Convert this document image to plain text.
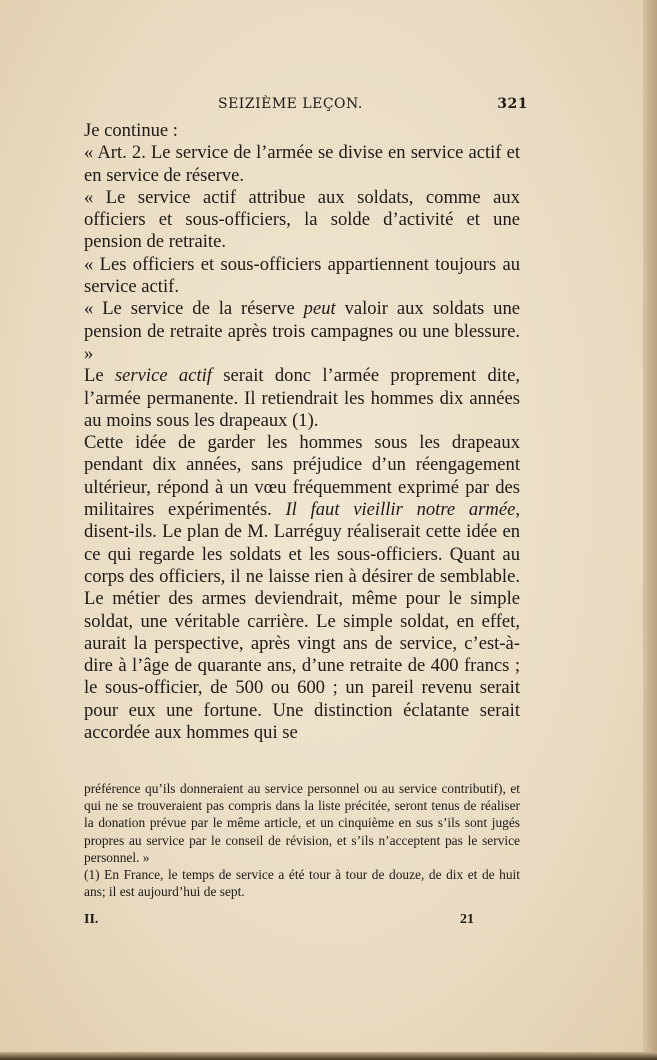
SEIZIÈME LEÇON.	321

Je continue :

« Art. 2. Le service de l’armée se divise en service actif et en service de réserve.

« Le service actif attribue aux soldats, comme aux officiers et sous-officiers, la solde d’activité et une pension de retraite.

« Les officiers et sous-officiers appartiennent toujours au service actif.

« Le service de la réserve peut valoir aux soldats une pension de retraite après trois campagnes ou une blessure. »

Le service actif serait donc l’armée proprement dite, l’armée permanente. Il retiendrait les hommes dix années au moins sous les drapeaux (1).

Cette idée de garder les hommes sous les drapeaux pendant dix années, sans préjudice d’un réengagement ultérieur, répond à un vœu fréquemment exprimé par des militaires expérimentés. Il faut vieillir notre armée, disent-ils. Le plan de M. Larréguy réaliserait cette idée en ce qui regarde les soldats et les sous-officiers. Quant au corps des officiers, il ne laisse rien à désirer de semblable. Le métier des armes deviendrait, même pour le simple soldat, une véritable carrière. Le simple soldat, en effet, aurait la perspective, après vingt ans de service, c’est-à-dire à l’âge de quarante ans, d’une retraite de 400 francs ; le sous-officier, de 500 ou 600 ; un pareil revenu serait pour eux une fortune. Une distinction éclatante serait accordée aux hommes qui se

préférence qu’ils donneraient au service personnel ou au service contributif), et qui ne se trouveraient pas compris dans la liste précitée, seront tenus de réaliser la donation prévue par le même article, et un cinquième en sus s’ils sont jugés propres au service par le conseil de révision, et s’ils n’acceptent pas le service personnel. »

(1) En France, le temps de service a été tour à tour de douze, de dix et de huit ans; il est aujourd’hui de sept.

II.	21
